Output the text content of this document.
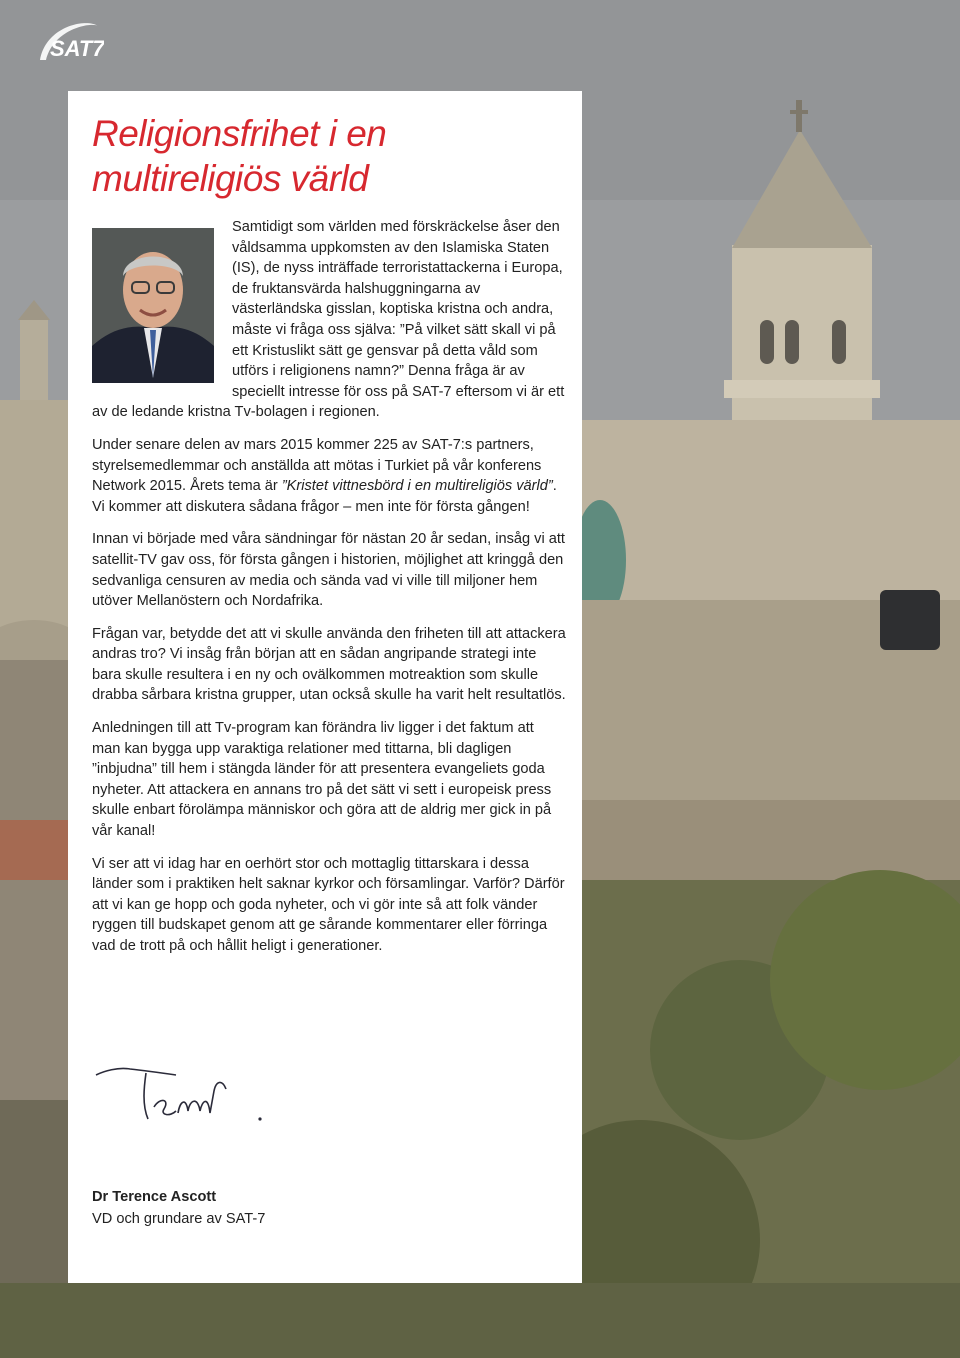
SAT7
Religionsfrihet i en multireligiös värld

Samtidigt som världen med förskräckelse åser den våldsamma uppkomsten av den Islamiska Staten (IS), de nyss inträffade terroristattackerna i Europa, de fruktansvärda halshuggningarna av västerländska gisslan, koptiska kristna och andra, måste vi fråga oss själva: ”På vilket sätt skall vi på ett Kristuslikt sätt ge gensvar på detta våld som utförs i religionens namn?” Denna fråga är av speciellt intresse för oss på SAT-7 eftersom vi är ett av de ledande kristna Tv-bolagen i regionen.

Under senare delen av mars 2015 kommer 225 av SAT-7:s partners, styrelsemedlemmar och anställda att mötas i Turkiet på vår konferens Network 2015. Årets tema är ”Kristet vittnesbörd i en multireligiös värld”. Vi kommer att diskutera sådana frågor – men inte för första gången!

Innan vi började med våra sändningar för nästan 20 år sedan, insåg vi att satellit-TV gav oss, för första gången i historien, möjlighet att kringgå den sedvanliga censuren av media och sända vad vi ville till miljoner hem utöver Mellanöstern och Nordafrika.

Frågan var, betydde det att vi skulle använda den friheten till att attackera andras tro? Vi insåg från början att en sådan angripande strategi inte bara skulle resultera i en ny och ovälkommen motreaktion som skulle drabba sårbara kristna grupper, utan också skulle ha varit helt resultatlös.

Anledningen till att Tv-program kan förändra liv ligger i det faktum att man kan bygga upp varaktiga relationer med tittarna, bli dagligen ”inbjudna” till hem i stängda länder för att presentera evangeliets goda nyheter. Att attackera en annans tro på det sätt vi sett i europeisk press skulle enbart förolämpa människor och göra att de aldrig mer gick in på vår kanal!

Vi ser att vi idag har en oerhört stor och mottaglig tittarskara i dessa länder som i praktiken helt saknar kyrkor och församlingar. Varför? Därför att vi kan ge hopp och goda nyheter, och vi gör inte så att folk vänder ryggen till budskapet genom att ge sårande kommentarer eller förringa vad de trott på och hållit heligt i generationer.

Dr Terence Ascott
VD och grundare av SAT-7
